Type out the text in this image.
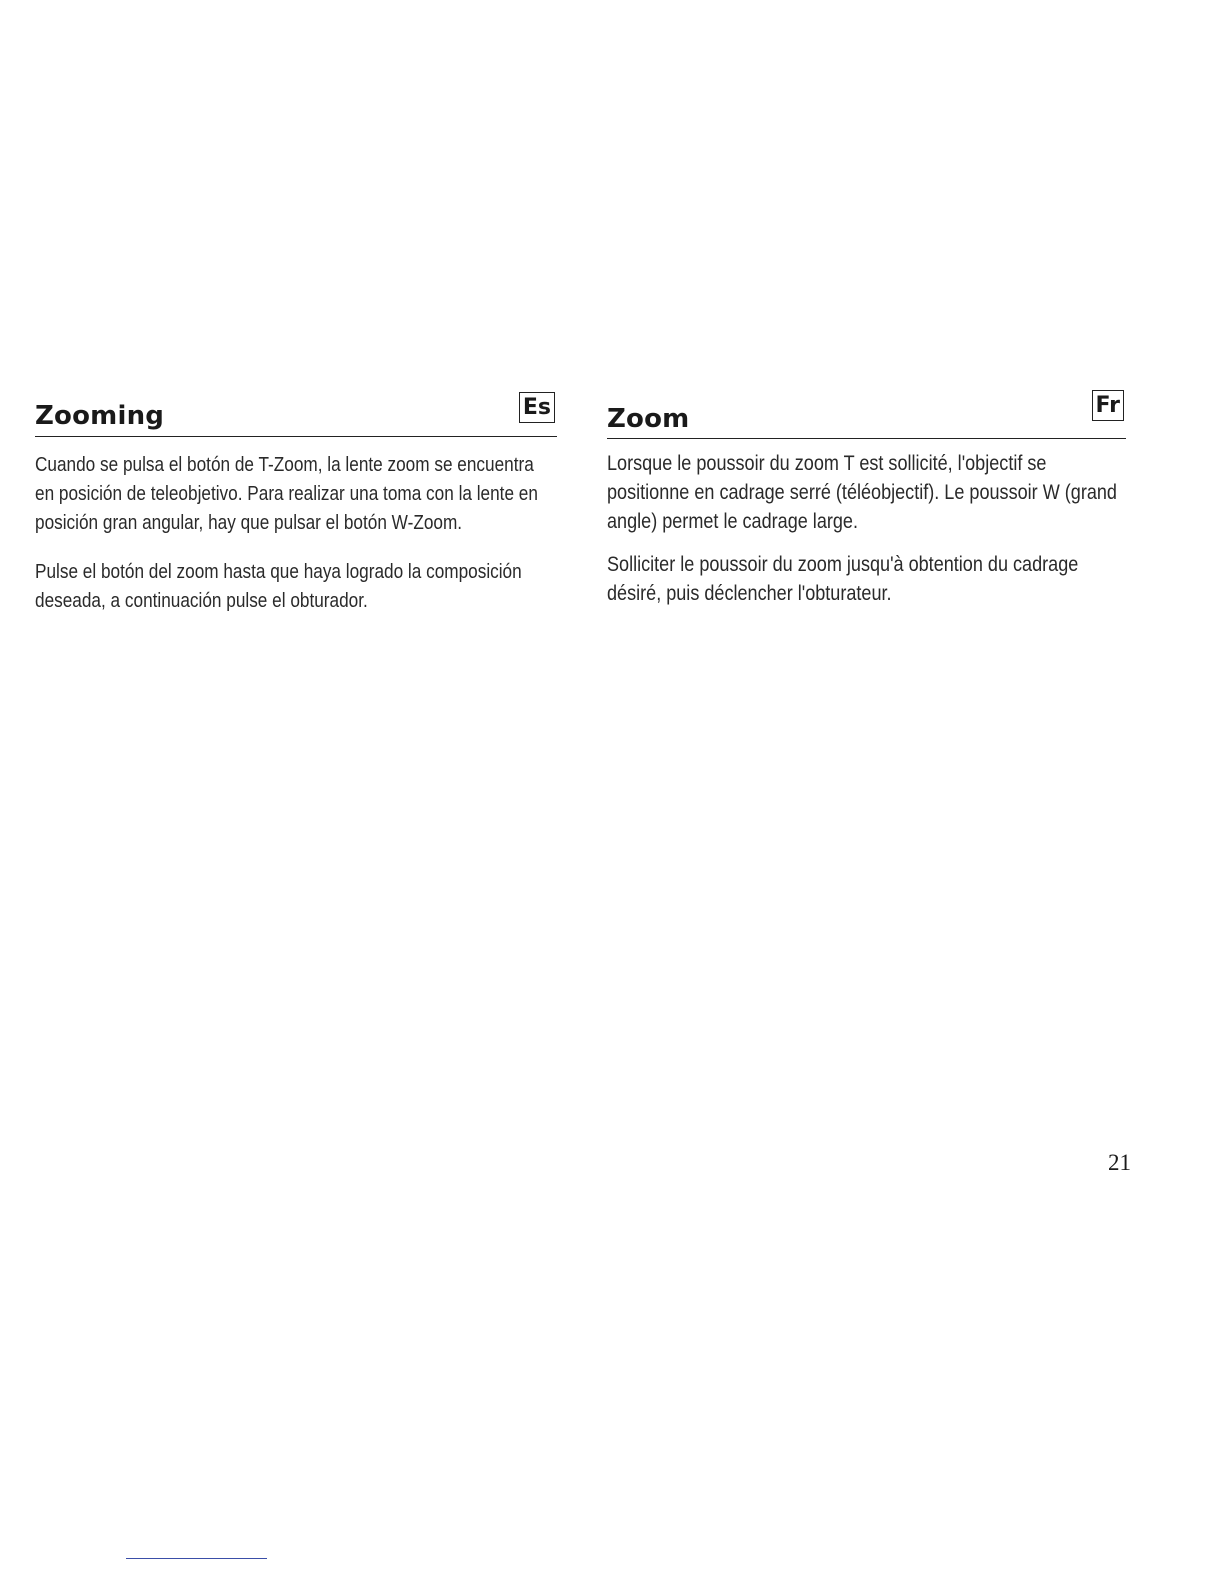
Zooming	Es

Cuando se pulsa el botón de T-Zoom, la lente zoom se encuentra en posición de teleobjetivo. Para realizar una toma con la lente en posición gran angular, hay que pulsar el botón W-Zoom.

Pulse el botón del zoom hasta que haya logrado la composición deseada, a continuación pulse el obturador.

Zoom	Fr

Lorsque le poussoir du zoom T est sollicité, l'objectif se positionne en cadrage serré (téléobjectif). Le poussoir W (grand angle) permet le cadrage large.

Solliciter le poussoir du zoom jusqu'à obtention du cadrage désiré, puis déclencher l'obturateur.

21
